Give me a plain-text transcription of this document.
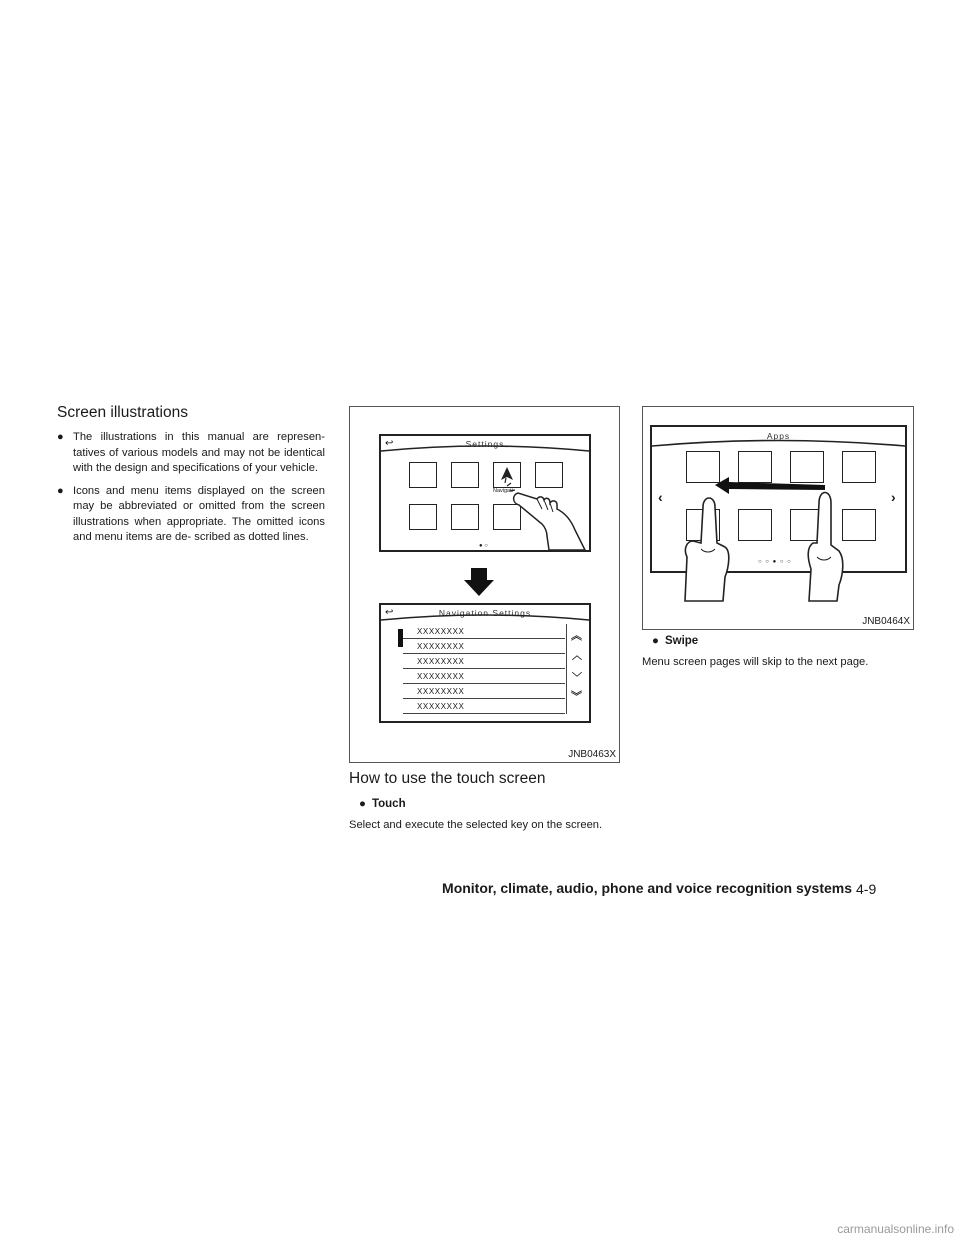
Screen illustrations
● The illustrations in this manual are represen- tatives of various models and may not be identical with the design and specifications of your vehicle.
● Icons and menu items displayed on the screen may be abbreviated or omitted from the screen illustrations when appropriate. The omitted icons and menu items are de- scribed as dotted lines.
↩	Settings
Navigati
● ○
↩	Navigation Settings
XXXXXXXX
XXXXXXXX
XXXXXXXX
XXXXXXXX
XXXXXXXX
XXXXXXXX
︽
︿
﹀
︾
JNB0463X
Apps
‹	›
○ ○ ● ○ ○
JNB0464X
How to use the touch screen
● Touch
Select and execute the selected key on the screen.
● Swipe
Menu screen pages will skip to the next page.
Monitor, climate, audio, phone and voice recognition systems 4-9
carmanualsonline.info
